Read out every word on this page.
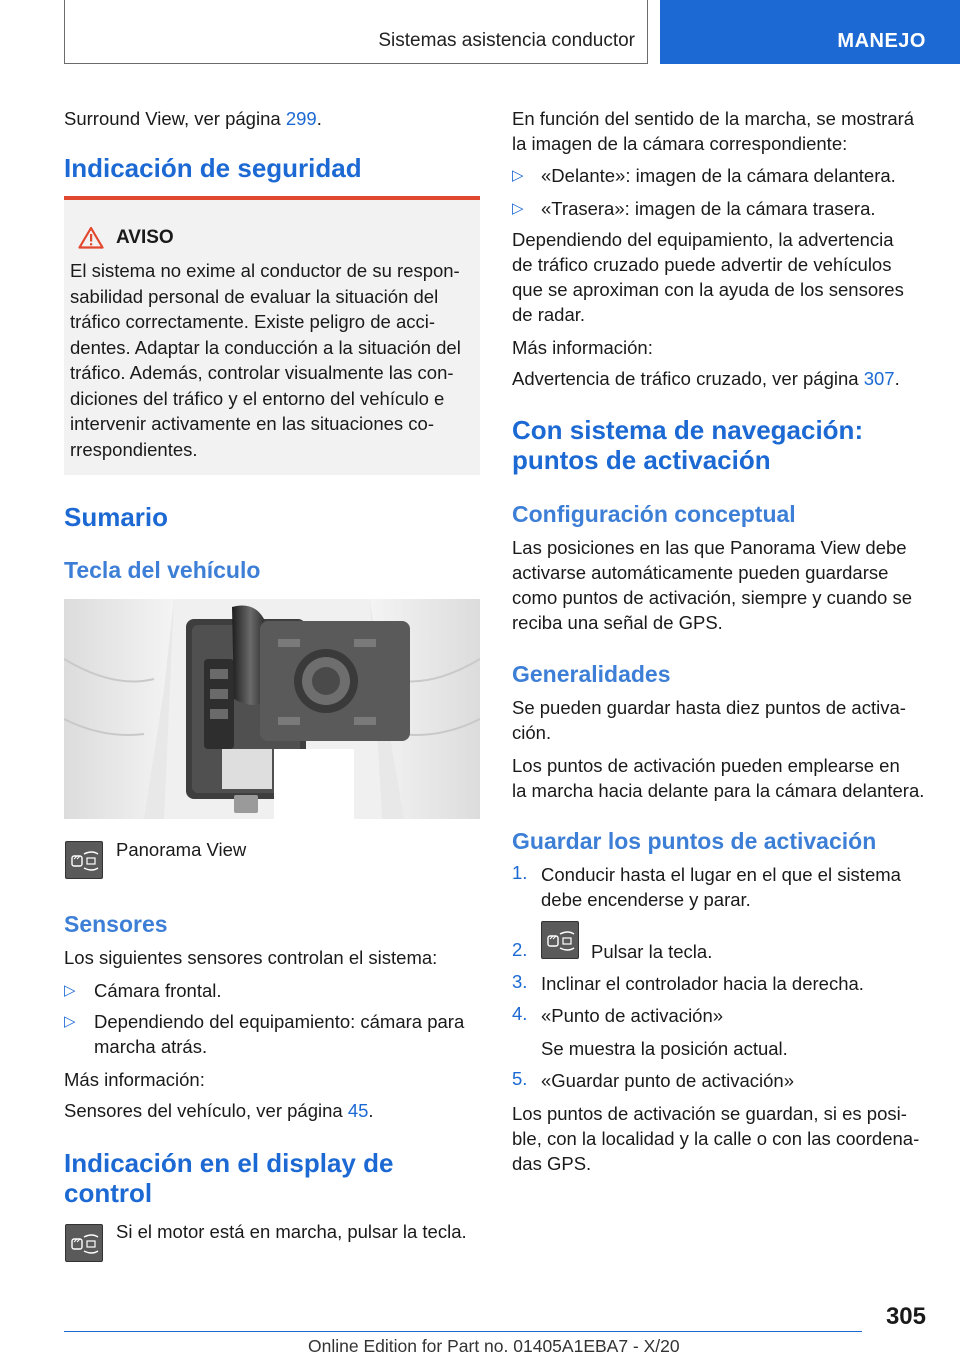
Sistemas asistencia conductor	MANEJO

Surround View, ver página 299.

Indicación de seguridad
AVISO
El sistema no exime al conductor de su respon-
sabilidad personal de evaluar la situación del
tráfico correctamente. Existe peligro de acci-
dentes. Adaptar la conducción a la situación del
tráfico. Además, controlar visualmente las con-
diciones del tráfico y el entorno del vehículo e
intervenir activamente en las situaciones co-
rrespondientes.
Sumario
Tecla del vehículo

Panorama View

Sensores

Los siguientes sensores controlan el sistema:

▷ Cámara frontal.

▷ Dependiendo del equipamiento: cámara para

marcha atrás.

Más información:

Sensores del vehículo, ver página 45.

Indicación en el display de
control

Si el motor está en marcha, pulsar la tecla.

En función del sentido de la marcha, se mostrará

la imagen de la cámara correspondiente:

▷ «Delante»: imagen de la cámara delantera.

▷ «Trasera»: imagen de la cámara trasera.

Dependiendo del equipamiento, la advertencia

de tráfico cruzado puede advertir de vehículos

que se aproximan con la ayuda de los sensores

de radar.

Más información:

Advertencia de tráfico cruzado, ver página 307.

Con sistema de navegación:
puntos de activación
Configuración conceptual

Las posiciones en las que Panorama View debe

activarse automáticamente pueden guardarse

como puntos de activación, siempre y cuando se

reciba una señal de GPS.

Generalidades

Se pueden guardar hasta diez puntos de activa-

ción.

Los puntos de activación pueden emplearse en

la marcha hacia delante para la cámara delantera.

Guardar los puntos de activación
1. Conducir hasta el lugar en el que el sistema

debe encenderse y parar.

2.	Pulsar la tecla.

3. Inclinar el controlador hacia la derecha.

4. «Punto de activación»

Se muestra la posición actual.

5. «Guardar punto de activación»

Los puntos de activación se guardan, si es posi-

ble, con la localidad y la calle o con las coordena-

das GPS.

305
Online Edition for Part no. 01405A1EBA7 - X/20
